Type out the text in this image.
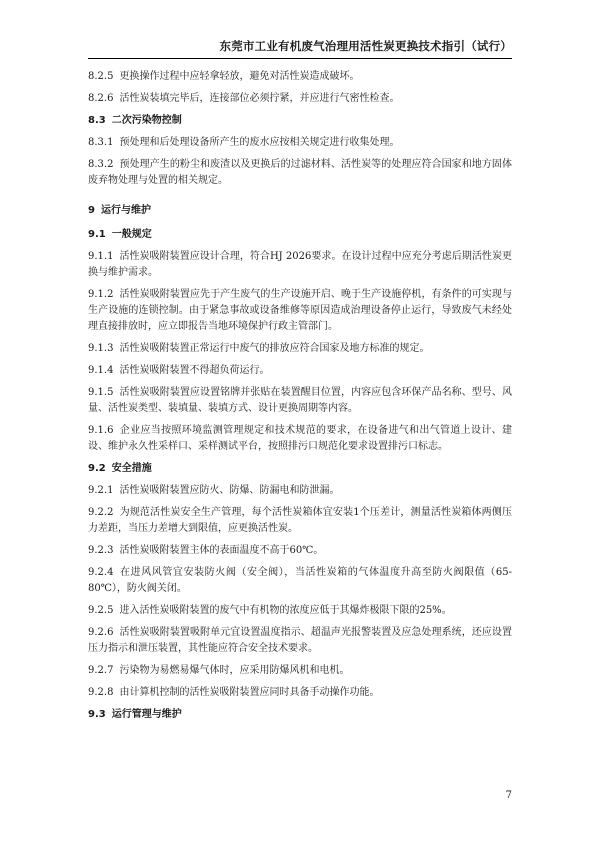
东莞市工业有机废气治理用活性炭更换技术指引（试行）
8.2.5 更换操作过程中应轻拿轻放，避免对活性炭造成破坏。
8.2.6 活性炭装填完毕后，连接部位必须拧紧，并应进行气密性检查。
8.3 二次污染物控制
8.3.1 预处理和后处理设备所产生的废水应按相关规定进行收集处理。
8.3.2 预处理产生的粉尘和废渣以及更换后的过滤材料、活性炭等的处理应符合国家和地方固体废弃物处理与处置的相关规定。
9 运行与维护
9.1 一般规定
9.1.1 活性炭吸附装置应设计合理，符合HJ 2026要求。在设计过程中应充分考虑后期活性炭更换与维护需求。
9.1.2 活性炭吸附装置应先于产生废气的生产设施开启、晚于生产设施停机，有条件的可实现与生产设施的连锁控制。由于紧急事故或设备维修等原因造成治理设备停止运行，导致废气未经处理直接排放时，应立即报告当地环境保护行政主管部门。
9.1.3 活性炭吸附装置正常运行中废气的排放应符合国家及地方标准的规定。
9.1.4 活性炭吸附装置不得超负荷运行。
9.1.5 活性炭吸附装置应设置铭牌并张贴在装置醒目位置，内容应包含环保产品名称、型号、风量、活性炭类型、装填量、装填方式、设计更换周期等内容。
9.1.6 企业应当按照环境监测管理规定和技术规范的要求，在设备进气和出气管道上设计、建设、维护永久性采样口、采样测试平台，按照排污口规范化要求设置排污口标志。
9.2 安全措施
9.2.1 活性炭吸附装置应防火、防爆、防漏电和防泄漏。
9.2.2 为规范活性炭安全生产管理，每个活性炭箱体宜安装1个压差计，测量活性炭箱体两侧压力差距，当压力差增大到限值，应更换活性炭。
9.2.3 活性炭吸附装置主体的表面温度不高于60℃。
9.2.4 在进风风管宜安装防火阀（安全阀），当活性炭箱的气体温度升高至防火阀限值（65-80℃），防火阀关闭。
9.2.5 进入活性炭吸附装置的废气中有机物的浓度应低于其爆炸极限下限的25%。
9.2.6 活性炭吸附装置吸附单元宜设置温度指示、超温声光报警装置及应急处理系统，还应设置压力指示和泄压装置，其性能应符合安全技术要求。
9.2.7 污染物为易燃易爆气体时，应采用防爆风机和电机。
9.2.8 由计算机控制的活性炭吸附装置应同时具备手动操作功能。
9.3 运行管理与维护
7
